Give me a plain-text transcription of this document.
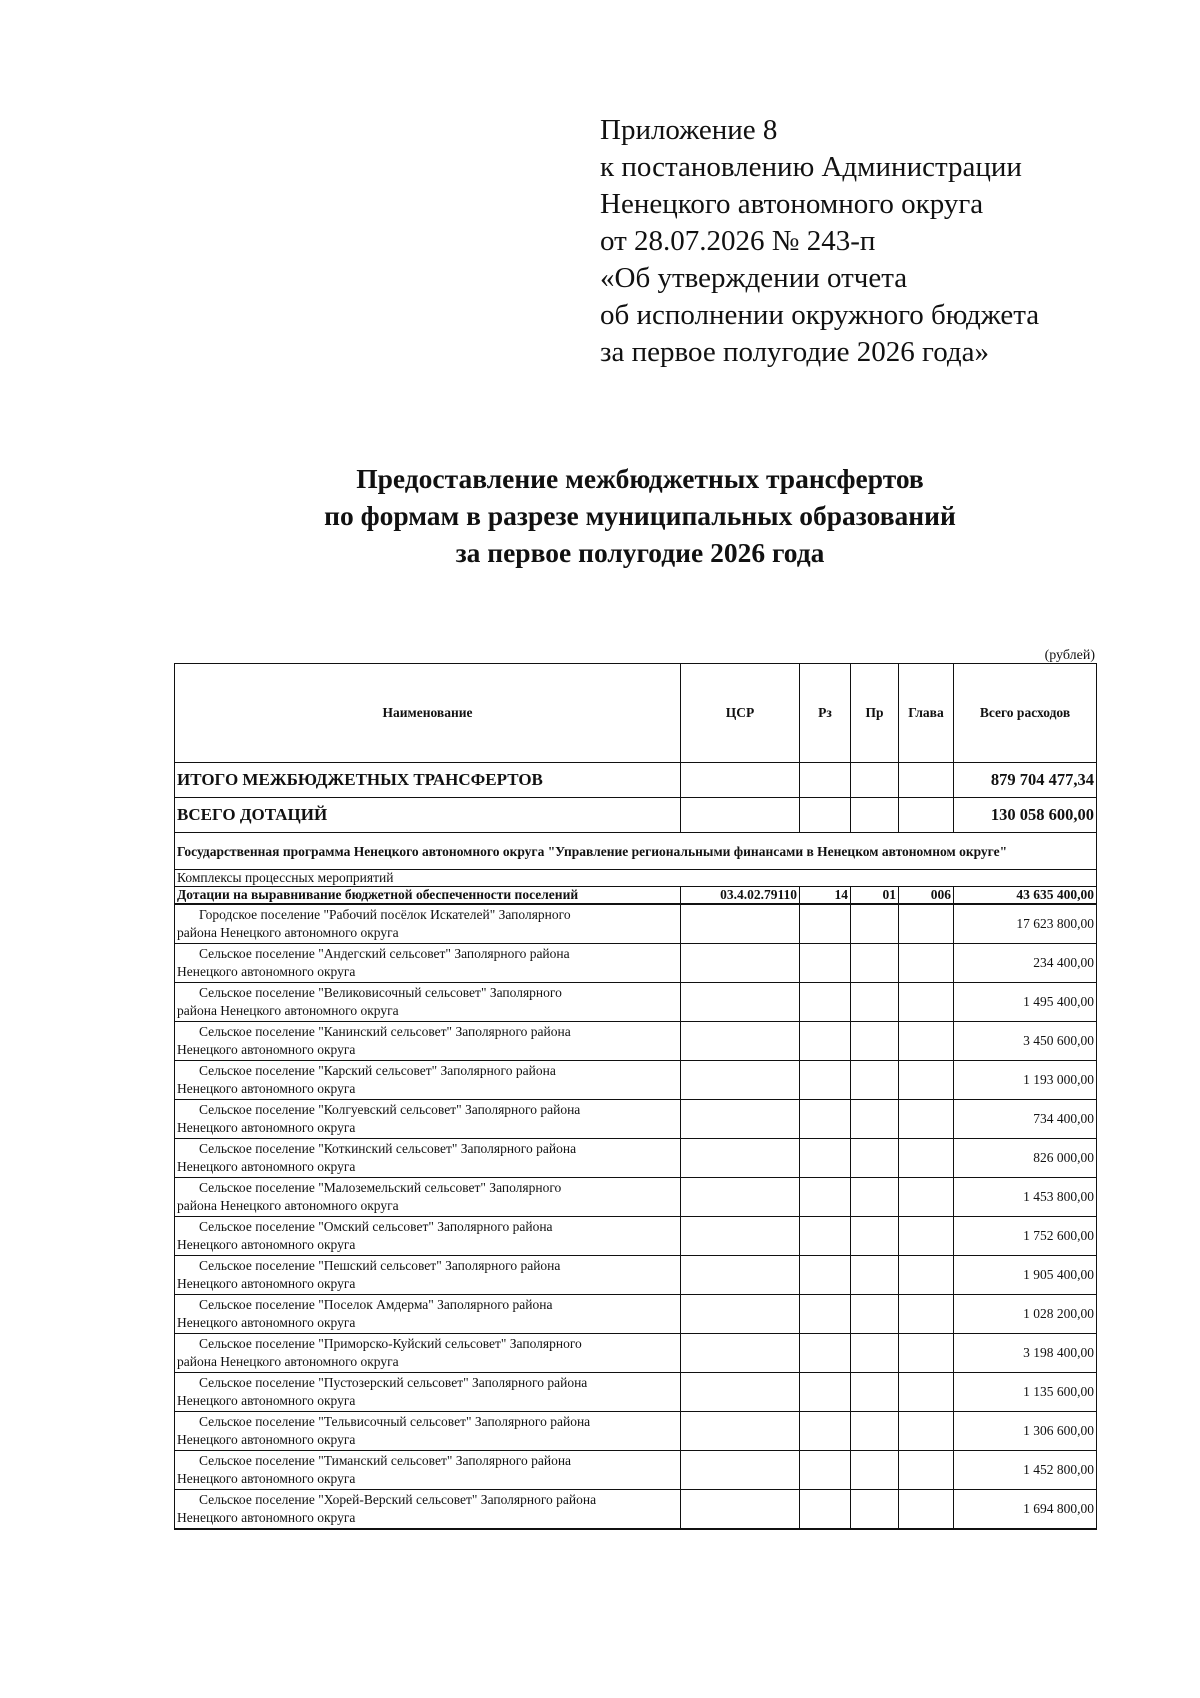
Приложение 8
к постановлению Администрации
Ненецкого автономного округа
от 28.07.2026 № 243-п
«Об утверждении отчета
об исполнении окружного бюджета
за первое полугодие 2026 года»
Предоставление межбюджетных трансфертов
по формам в разрезе муниципальных образований
за первое полугодие 2026 года
(рублей)
Наименование	ЦСР	Рз	Пр	Глава	Всего расходов
ИТОГО МЕЖБЮДЖЕТНЫХ ТРАНСФЕРТОВ					879 704 477,34
ВСЕГО ДОТАЦИЙ					130 058 600,00
Государственная программа Ненецкого автономного округа "Управление региональными финансами в Ненецком автономном округе"					
Комплексы процессных мероприятий					
Дотации на выравнивание бюджетной обеспеченности поселений	03.4.02.79110	14	01	006	43 635 400,00

Городское поселение "Рабочий посёлок Искателей" Заполярного
района Ненецкого автономного округа					17 623 800,00

Сельское поселение "Андегский сельсовет" Заполярного района
Ненецкого автономного округа					234 400,00

Сельское поселение "Великовисочный сельсовет" Заполярного
района Ненецкого автономного округа					1 495 400,00

Сельское поселение "Канинский сельсовет" Заполярного района
Ненецкого автономного округа					3 450 600,00

Сельское поселение "Карский сельсовет" Заполярного района
Ненецкого автономного округа					1 193 000,00

Сельское поселение "Колгуевский сельсовет" Заполярного района
Ненецкого автономного округа					734 400,00

Сельское поселение "Коткинский сельсовет" Заполярного района
Ненецкого автономного округа					826 000,00

Сельское поселение "Малоземельский сельсовет" Заполярного
района Ненецкого автономного округа					1 453 800,00

Сельское поселение "Омский сельсовет" Заполярного района
Ненецкого автономного округа					1 752 600,00

Сельское поселение "Пешский сельсовет" Заполярного района
Ненецкого автономного округа					1 905 400,00

Сельское поселение "Поселок Амдерма" Заполярного района
Ненецкого автономного округа					1 028 200,00

Сельское поселение "Приморско-Куйский сельсовет" Заполярного
района Ненецкого автономного округа					3 198 400,00

Сельское поселение "Пустозерский сельсовет" Заполярного района
Ненецкого автономного округа					1 135 600,00

Сельское поселение "Тельвисочный сельсовет" Заполярного района
Ненецкого автономного округа					1 306 600,00

Сельское поселение "Тиманский сельсовет" Заполярного района
Ненецкого автономного округа					1 452 800,00

Сельское поселение "Хорей-Верский сельсовет" Заполярного района
Ненецкого автономного округа					1 694 800,00
